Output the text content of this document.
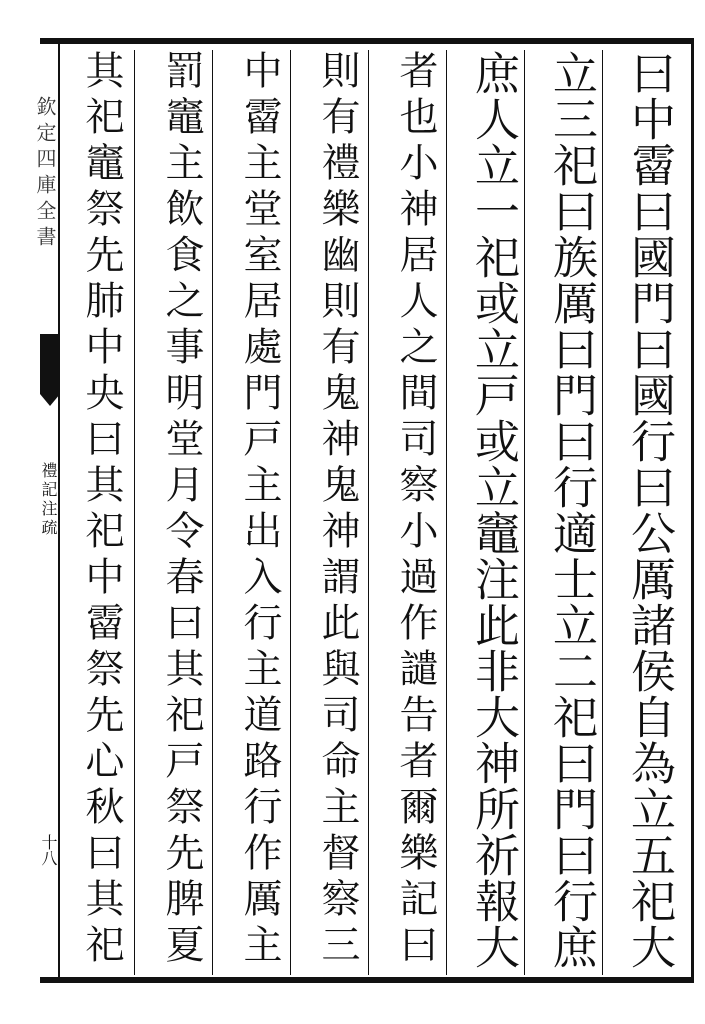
欽定四庫全書
禮記注疏
十八
曰中霤曰國門曰國行曰公厲諸侯自為立五祀大
立三祀曰族厲曰門曰行適士立二祀曰門曰行庶
庶人立一祀或立戸或立竈注此非大神所祈報大
者也小神居人之間司察小過作譴告者爾樂記曰
則有禮樂幽則有鬼神鬼神謂此與司命主督察三
中霤主堂室居處門戸主出入行主道路行作厲主
罰竈主飲食之事明堂月令春曰其祀戸祭先脾夏
其祀竈祭先肺中央曰其祀中霤祭先心秋曰其祀
